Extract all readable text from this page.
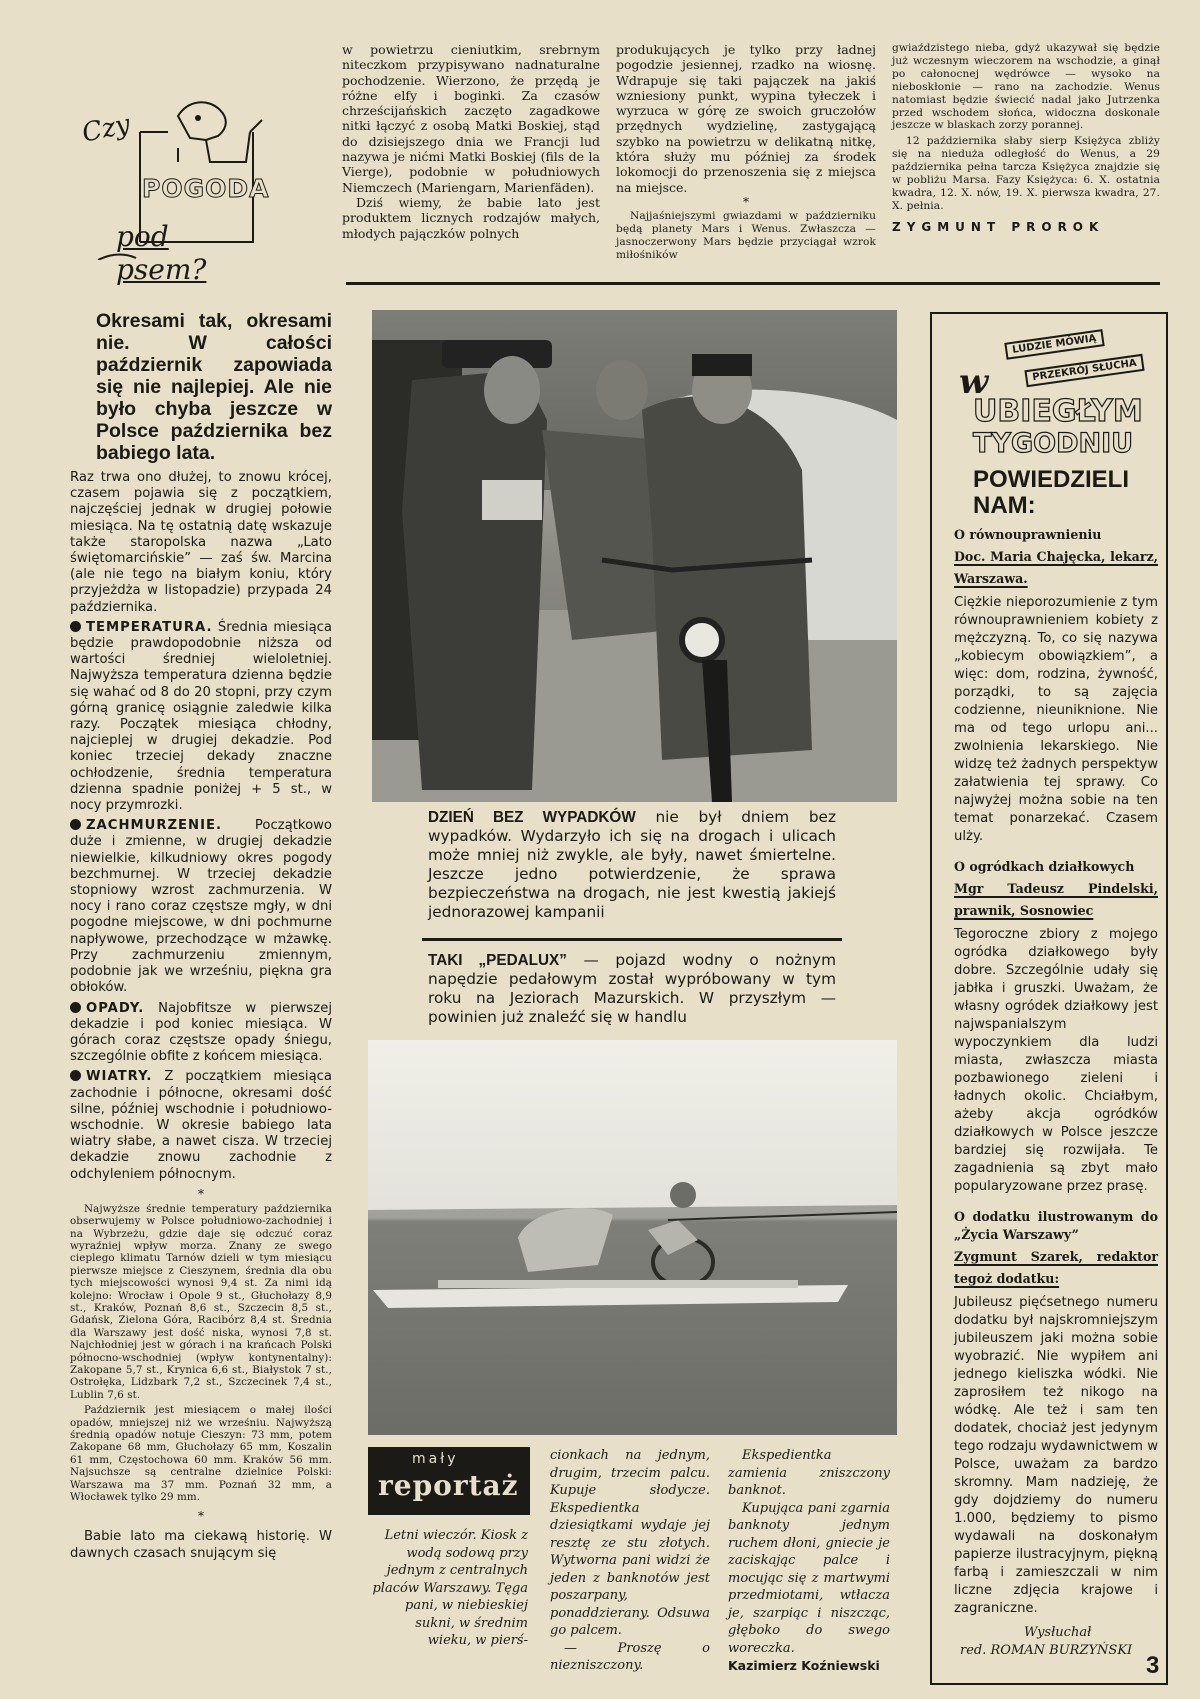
Czy
POGODA
pod psem?

w powietrzu cieniutkim, srebrnym niteczkom przypisywano nadnaturalne pochodzenie. Wierzono, że przędą je różne elfy i boginki. Za czasów chrześcijańskich zaczęto zagadkowe nitki łączyć z osobą Matki Boskiej, stąd do dzisiejszego dnia we Francji lud nazywa je nićmi Matki Boskiej (fils de la Vierge), podobnie w południowych Niemczech (Mariengarn, Marienfäden).

Dziś wiemy, że babie lato jest produktem licznych rodzajów małych, młodych pajączków polnych

produkujących je tylko przy ładnej pogodzie jesiennej, rzadko na wiosnę. Wdrapuje się taki pajączek na jakiś wzniesiony punkt, wypina tyłeczek i wyrzuca w górę ze swoich gruczołów przędnych wydzielinę, zastygającą szybko na powietrzu w delikatną nitkę, która służy mu później za środek lokomocji do przenoszenia się z miejsca na miejsce.

*

Najjaśniejszymi gwiazdami w październiku będą planety Mars i Wenus. Zwłaszcza — jasnoczerwony Mars będzie przyciągał wzrok miłośników

gwiaździstego nieba, gdyż ukazywał się będzie już wczesnym wieczorem na wschodzie, a ginął po całonocnej wędrówce — wysoko na nieboskłonie — rano na zachodzie. Wenus natomiast będzie świecić nadal jako Jutrzenka przed wschodem słońca, widoczna doskonale jeszcze w blaskach zorzy porannej.

12 października słaby sierp Księżyca zbliży się na nieduża odległość do Wenus, a 29 października pełna tarcza Księżyca znajdzie się w pobliżu Marsa. Fazy Księżyca: 6. X. ostatnia kwadra, 12. X. nów, 19. X. pierwsza kwadra, 27. X. pełnia.

ZYGMUNT PROROK
Okresami tak, okresami nie. W całości październik zapowiada się nie najlepiej. Ale nie było chyba jeszcze w Polsce października bez babiego lata.

Raz trwa ono dłużej, to znowu krócej, czasem pojawia się z początkiem, najczęściej jednak w drugiej połowie miesiąca. Na tę ostatnią datę wskazuje także staropolska nazwa „Lato świętomarcińskie” — zaś św. Marcina (ale nie tego na białym koniu, który przyjeżdża w listopadzie) przypada 24 października.

TEMPERATURA. Średnia miesiąca będzie prawdopodobnie niższa od wartości średniej wieloletniej. Najwyższa temperatura dzienna będzie się wahać od 8 do 20 stopni, przy czym górną granicę osiągnie zaledwie kilka razy. Początek miesiąca chłodny, najcieplej w drugiej dekadzie. Pod koniec trzeciej dekady znaczne ochłodzenie, średnia temperatura dzienna spadnie poniżej + 5 st., w nocy przymrozki.

ZACHMURZENIE. Początkowo duże i zmienne, w drugiej dekadzie niewielkie, kilkudniowy okres pogody bezchmurnej. W trzeciej dekadzie stopniowy wzrost zachmurzenia. W nocy i rano coraz częstsze mgły, w dni pogodne miejscowe, w dni pochmurne napływowe, przechodzące w mżawkę. Przy zachmurzeniu zmiennym, podobnie jak we wrześniu, piękna gra obłoków.

OPADY. Najobfitsze w pierwszej dekadzie i pod koniec miesiąca. W górach coraz częstsze opady śniegu, szczególnie obfite z końcem miesiąca.

WIATRY. Z początkiem miesiąca zachodnie i północne, okresami dość silne, później wschodnie i południowo-wschodnie. W okresie babiego lata wiatry słabe, a nawet cisza. W trzeciej dekadzie znowu zachodnie z odchyleniem północnym.

*

Najwyższe średnie temperatury października obserwujemy w Polsce południowo-zachodniej i na Wybrzeżu, gdzie daje się odczuć coraz wyraźniej wpływ morza. Znany ze swego cieplego klimatu Tarnów dzieli w tym miesiącu pierwsze miejsce z Cieszynem, średnia dla obu tych miejscowości wynosi 9,4 st. Za nimi idą kolejno: Wrocław i Opole 9 st., Głuchołazy 8,9 st., Kraków, Poznań 8,6 st., Szczecin 8,5 st., Gdańsk, Zielona Góra, Racibórz 8,4 st. Średnia dla Warszawy jest dość niska, wynosi 7,8 st. Najchłodniej jest w górach i na krańcach Polski północno-wschodniej (wpływ kontynentalny): Zakopane 5,7 st., Krynica 6,6 st., Białystok 7 st., Ostrołęka, Lidzbark 7,2 st., Szczecinek 7,4 st., Lublin 7,6 st.

Październik jest miesiącem o małej ilości opadów, mniejszej niż we wrześniu. Najwyższą średnią opadów notuje Cieszyn: 73 mm, potem Zakopane 68 mm, Głuchołazy 65 mm, Koszalin 61 mm, Częstochowa 60 mm. Kraków 56 mm. Najsuchsze są centralne dzielnice Polski: Warszawa ma 37 mm. Poznań 32 mm, a Włocławek tylko 29 mm.

*

Babie lato ma ciekawą historię. W dawnych czasach snującym się

DZIEŃ BEZ WYPADKÓW nie był dniem bez wypadków. Wydarzyło ich się na drogach i ulicach może mniej niż zwykle, ale były, nawet śmiertelne. Jeszcze jedno potwierdzenie, że sprawa bezpieczeństwa na drogach, nie jest kwestią jakiejś jednorazowej kampanii
TAKI „PEDALUX” — pojazd wodny o nożnym napędzie pedałowym został wypróbowany w tym roku na Jeziorach Mazurskich. W przyszłym — powinien już znaleźć się w handlu
mały
reportaż

Letni wieczór. Kiosk z wodą sodową przy jednym z centralnych placów Warszawy. Tęga pani, w niebieskiej sukni, w średnim wieku, w pierś-

cionkach na jednym, drugim, trzecim palcu. Kupuje słodycze. Ekspedientka dziesiątkami wydaje jej resztę ze stu złotych. Wytworna pani widzi że jeden z banknotów jest poszarpany, ponaddzierany. Odsuwa go palcem.

— Proszę o niezniszczony.

Ekspedientka zamienia zniszczony banknot.

Kupująca pani zgarnia banknoty jednym ruchem dłoni, gniecie je zaciskając palce i mocując się z martwymi przedmiotami, wtłacza je, szarpiąc i niszcząc, głęboko do swego woreczka.

Kazimierz Koźniewski
LUDZIE MÓWIĄ
PRZEKRÓJ SŁUCHA
w
UBIEGŁYM
TYGODNIU
POWIEDZIELI
NAM:
O równouprawnieniu
Doc. Maria Chajęcka, lekarz, Warszawa.

Ciężkie nieporozumienie z tym równouprawnieniem kobiety z mężczyzną. To, co się nazywa „kobiecym obowiązkiem”, a więc: dom, rodzina, żywność, porządki, to są zajęcia codzienne, nieuniknione. Nie ma od tego urlopu ani... zwolnienia lekarskiego. Nie widzę też żadnych perspektyw załatwienia tej sprawy. Co najwyżej można sobie na ten temat ponarzekać. Czasem ulży.

O ogródkach działkowych
Mgr Tadeusz Pindelski, prawnik, Sosnowiec

Tegoroczne zbiory z mojego ogródka działkowego były dobre. Szczególnie udały się jabłka i gruszki. Uważam, że własny ogródek działkowy jest najwspanialszym wypoczynkiem dla ludzi miasta, zwłaszcza miasta pozbawionego zieleni i ładnych okolic. Chciałbym, ażeby akcja ogródków działkowych w Polsce jeszcze bardziej się rozwijała. Te zagadnienia są zbyt mało popularyzowane przez prasę.

O dodatku ilustrowanym do „Życia Warszawy”
Zygmunt Szarek, redaktor tegoż dodatku:

Jubileusz pięćsetnego numeru dodatku był najskromniejszym jubileuszem jaki można sobie wyobrazić. Nie wypiłem ani jednego kieliszka wódki. Nie zaprosiłem też nikogo na wódkę. Ale też i sam ten dodatek, chociaż jest jedynym tego rodzaju wydawnictwem w Polsce, uważam za bardzo skromny. Mam nadzieję, że gdy dojdziemy do numeru 1.000, będziemy to pismo wydawali na doskonałym papierze ilustracyjnym, piękną farbą i zamieszczali w nim liczne zdjęcia krajowe i zagraniczne.

Wysłuchał
red. ROMAN BURZYŃSKI
3
